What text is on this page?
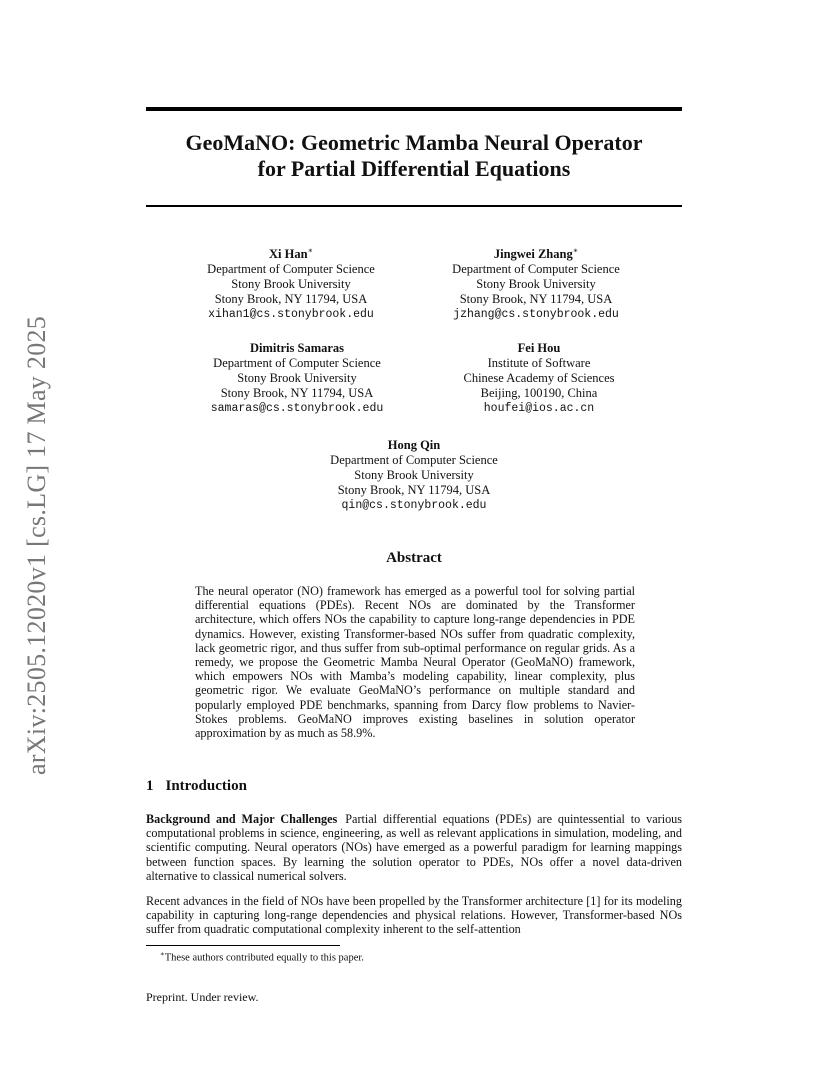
arXiv:2505.12020v1 [cs.LG] 17 May 2025
GeoMaNO: Geometric Mamba Neural Operator
for Partial Differential Equations
Xi Han∗
Department of Computer Science
Stony Brook University
Stony Brook, NY 11794, USA
xihan1@cs.stonybrook.edu
Jingwei Zhang∗
Department of Computer Science
Stony Brook University
Stony Brook, NY 11794, USA
jzhang@cs.stonybrook.edu
Dimitris Samaras
Department of Computer Science
Stony Brook University
Stony Brook, NY 11794, USA
samaras@cs.stonybrook.edu
Fei Hou
Institute of Software
Chinese Academy of Sciences
Beijing, 100190, China
houfei@ios.ac.cn
Hong Qin
Department of Computer Science
Stony Brook University
Stony Brook, NY 11794, USA
qin@cs.stonybrook.edu
Abstract

The neural operator (NO) framework has emerged as a powerful tool for solving partial differential equations (PDEs). Recent NOs are dominated by the Transformer architecture, which offers NOs the capability to capture long-range dependencies in PDE dynamics. However, existing Transformer-based NOs suffer from quadratic complexity, lack geometric rigor, and thus suffer from sub-optimal performance on regular grids. As a remedy, we propose the Geometric Mamba Neural Operator (GeoMaNO) framework, which empowers NOs with Mamba’s modeling capability, linear complexity, plus geometric rigor. We evaluate GeoMaNO’s performance on multiple standard and popularly employed PDE benchmarks, spanning from Darcy flow problems to Navier-Stokes problems. GeoMaNO improves existing baselines in solution operator approximation by as much as 58.9%.

1 Introduction

Background and Major Challenges Partial differential equations (PDEs) are quintessential to various computational problems in science, engineering, as well as relevant applications in simulation, modeling, and scientific computing. Neural operators (NOs) have emerged as a powerful paradigm for learning mappings between function spaces. By learning the solution operator to PDEs, NOs offer a novel data-driven alternative to classical numerical solvers.

Recent advances in the field of NOs have been propelled by the Transformer architecture [1] for its modeling capability in capturing long-range dependencies and physical relations. However, Transformer-based NOs suffer from quadratic computational complexity inherent to the self-attention

∗These authors contributed equally to this paper.
Preprint. Under review.
